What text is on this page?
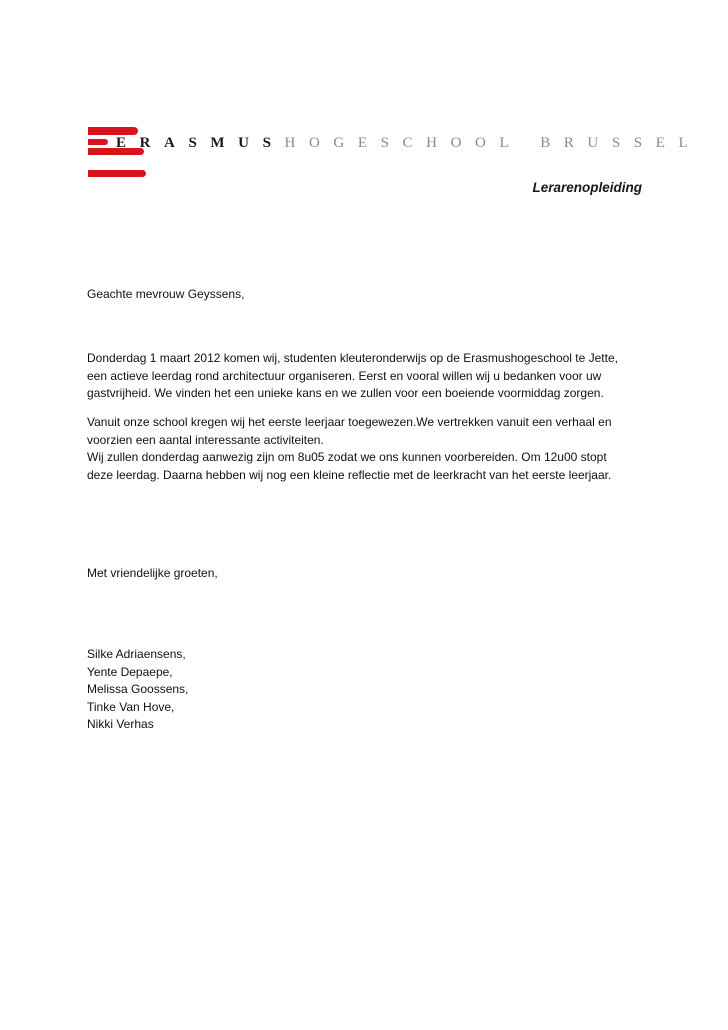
ERASMUSHOGESCHOOL BRUSSEL
Lerarenopleiding
Geachte mevrouw Geyssens,
Donderdag 1 maart 2012 komen wij, studenten kleuteronderwijs op de Erasmushogeschool te Jette,
een actieve leerdag rond architectuur organiseren. Eerst en vooral willen wij u bedanken voor uw
gastvrijheid. We vinden het een unieke kans en we zullen voor een boeiende voormiddag zorgen.
Vanuit onze school kregen wij het eerste leerjaar toegewezen.We vertrekken vanuit een verhaal en
voorzien een aantal interessante activiteiten.
Wij zullen donderdag aanwezig zijn om 8u05 zodat we ons kunnen voorbereiden. Om 12u00 stopt
deze leerdag. Daarna hebben wij nog een kleine reflectie met de leerkracht van het eerste leerjaar.
Met vriendelijke groeten,
Silke Adriaensens,
Yente Depaepe,
Melissa Goossens,
Tinke Van Hove,
Nikki Verhas
